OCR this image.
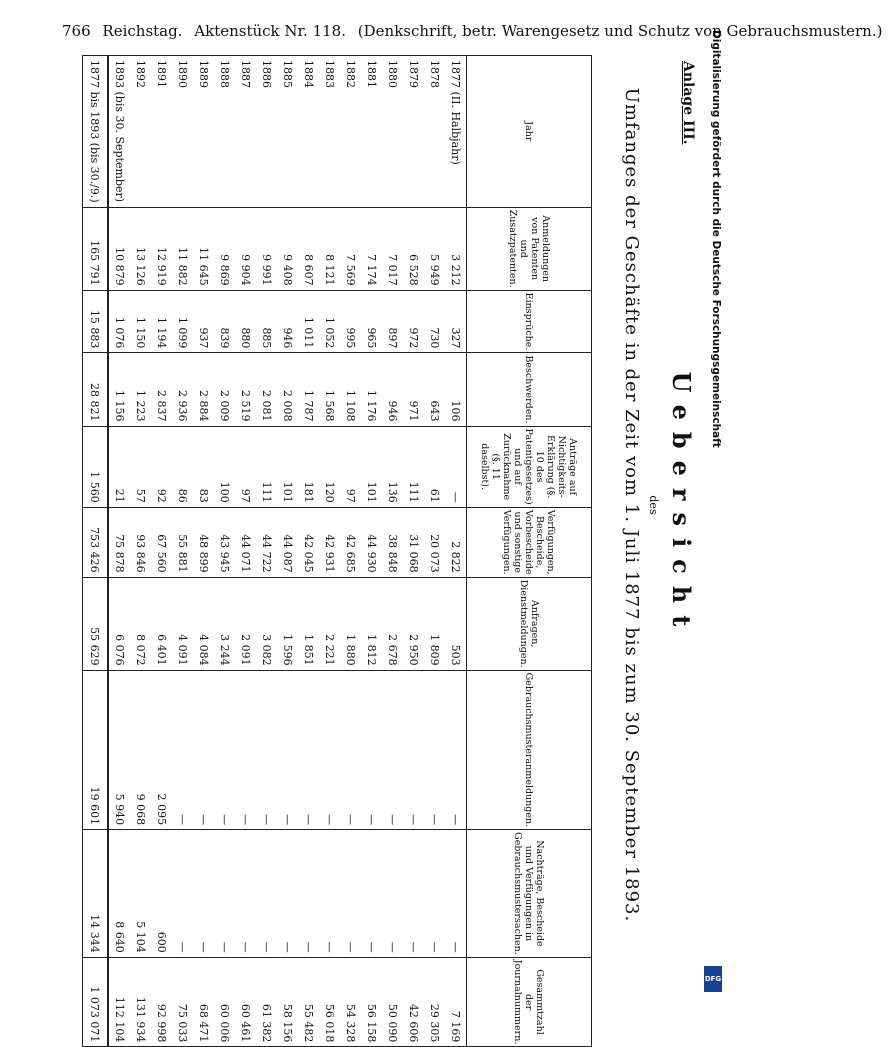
766 Reichstag. Aktenstück Nr. 118. (Denkschrift, betr. Warengesetz und Schutz von Gebrauchsmustern.)
Anlage III.
Uebersicht
des
Umfanges der Geschäfte in der Zeit vom 1. Juli 1877 bis zum 30. September 1893.
Jahr	Anmeldungen von Patenten und Zusatzpatenten.	Einsprüche.	Beschwerden.	Anträge auf Nichtigkeits-Erklärung (§. 10 des Patentgesetzes) und auf Zurücknahme (§. 11 daselbst).	Verfügungen, Bescheide, Vorbescheide und sonstige Verfügungen.	Anfragen, Dienstmeldungen.	Gebrauchsmusteranmeldungen.	Nachträge, Bescheide und Verfügungen in Gebrauchsmustersachen.	Gesammtzahl der Journalnummern.
1877 (II. Halbjahr)	3 212	327	106	—	2 822	503	—	—	7 169
1878	5 949	730	643	61	20 073	1 809	—	—	29 305
1879	6 528	972	971	111	31 068	2 950	—	—	42 606
1880	7 017	897	946	136	38 848	2 678	—	—	50 090
1881	7 174	965	1 176	101	44 930	1 812	—	—	56 158
1882	7 569	995	1 108	97	42 685	1 880	—	—	54 328
1883	8 121	1 052	1 568	120	42 931	2 221	—	—	56 018
1884	8 607	1 011	1 787	181	42 045	1 851	—	—	55 482
1885	9 408	946	2 008	101	44 087	1 596	—	—	58 156
1886	9 991	885	2 081	111	44 722	3 082	—	—	61 382
1887	9 904	880	2 519	97	44 071	2 091	—	—	60 461
1888	9 869	839	2 009	100	43 945	3 244	—	—	60 006
1889	11 645	937	2 884	83	48 899	4 084	—	—	68 471
1890	11 882	1 099	2 936	86	55 881	4 091	—	—	75 033
1891	12 919	1 194	2 837	92	67 560	6 401	2 095	600	92 998
1892	13 126	1 150	1 223	57	93 846	8 072	9 068	5 104	131 934
1893 (bis 30. September)	10 879	1 076	1 156	21	75 878	6 076	5 940	8 640	112 104
1877 bis 1893 (bis 30./9.)	165 791	15 883	28 821	1 560	753 426	55 629	19 601	14 344	1 073 071
Digitalisierung gefördert durch die Deutsche Forschungsgemeinschaft
DFG
